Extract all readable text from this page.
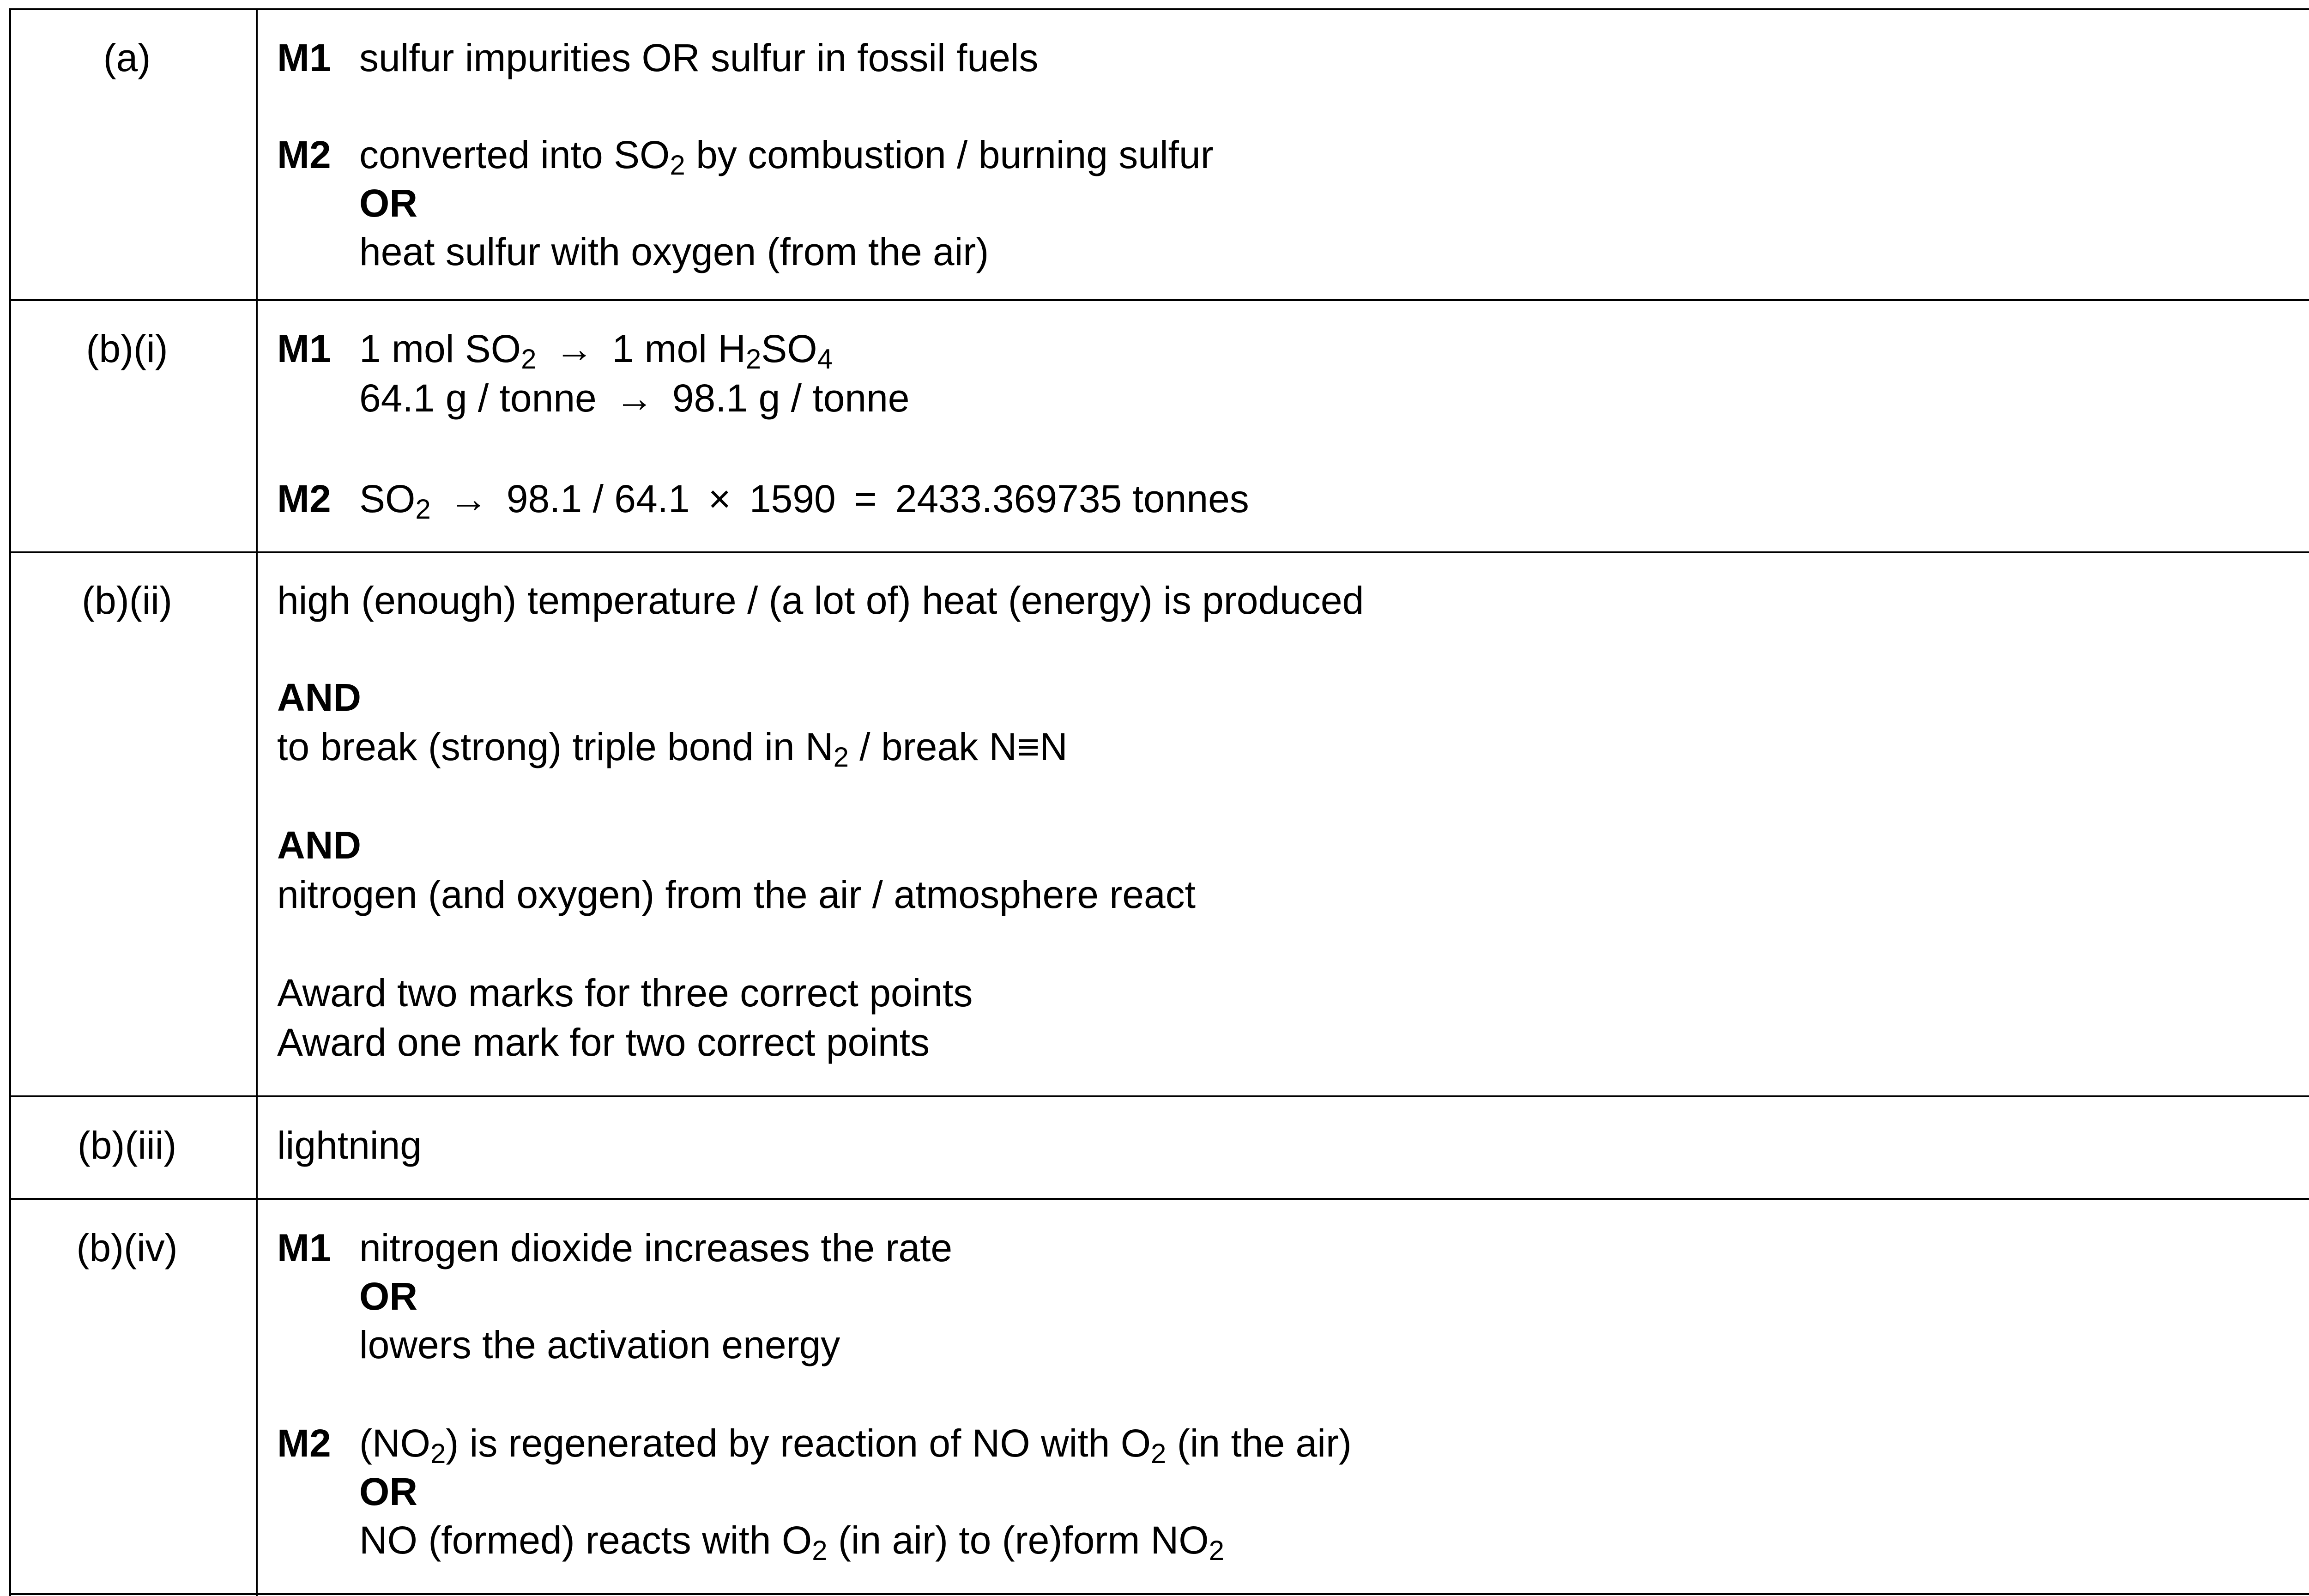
(a)	M1 sulfur impurities OR sulfur in fossil fuels
M2 converted into $SO_2$ by combustion / burning sulfur
OR
heat sulfur with oxygen (from the air)
(b)(i)	M1 1 mol $SO_2 \to 1$ mol $H_2SO_4$
64.1 g / tonne → 98.1 g / tonne
M2 $SO_2 \to 98.1 / 64.1 \times 1590 = 2433.369735$ tonnes
(b)(ii)	high (enough) temperature / (a lot of) heat (energy) is produced
AND
to break (strong) triple bond in $N_2$ / break N≡N
AND
nitrogen (and oxygen) from the air / atmosphere react
Award two marks for three correct points
Award one mark for two correct points
(b)(iii)	lightning
(b)(iv)	M1 nitrogen dioxide increases the rate
OR
lowers the activation energy
M2 $(NO_2)$ is regenerated by reaction of NO with $O_2$ (in the air)
OR
NO (formed) reacts with $O_2$ (in air) to (re)form $NO_2$
